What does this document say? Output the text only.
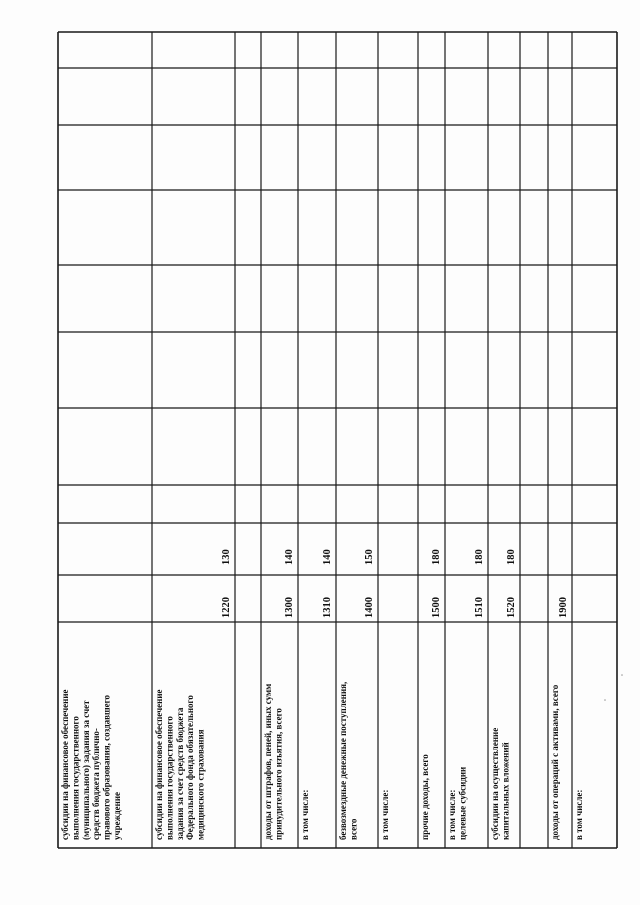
субсидии на финансовое обеспечение выполнения государственного (муниципального) задания за счет средств бюджета публично- правового образования, создавшего учреждение	субсидии на финансовое обеспечение выполнения государственного задания за счет средств бюджета Федерального фонда обязательного медицинского страхования
1220
130
доходы от штрафов, пеней, иных сумм принудительного изъятия, всего
1300
140
в том числе:
1310
140
безвозмездные денежные поступления, всего
1400
150
в том числе:	прочие доходы, всего
1500
180
в том числе: целевые субсидии
1510
180
субсидии на осуществление капитальных вложений
1520
180
доходы от операций с активами, всего
1900
в том числе:
